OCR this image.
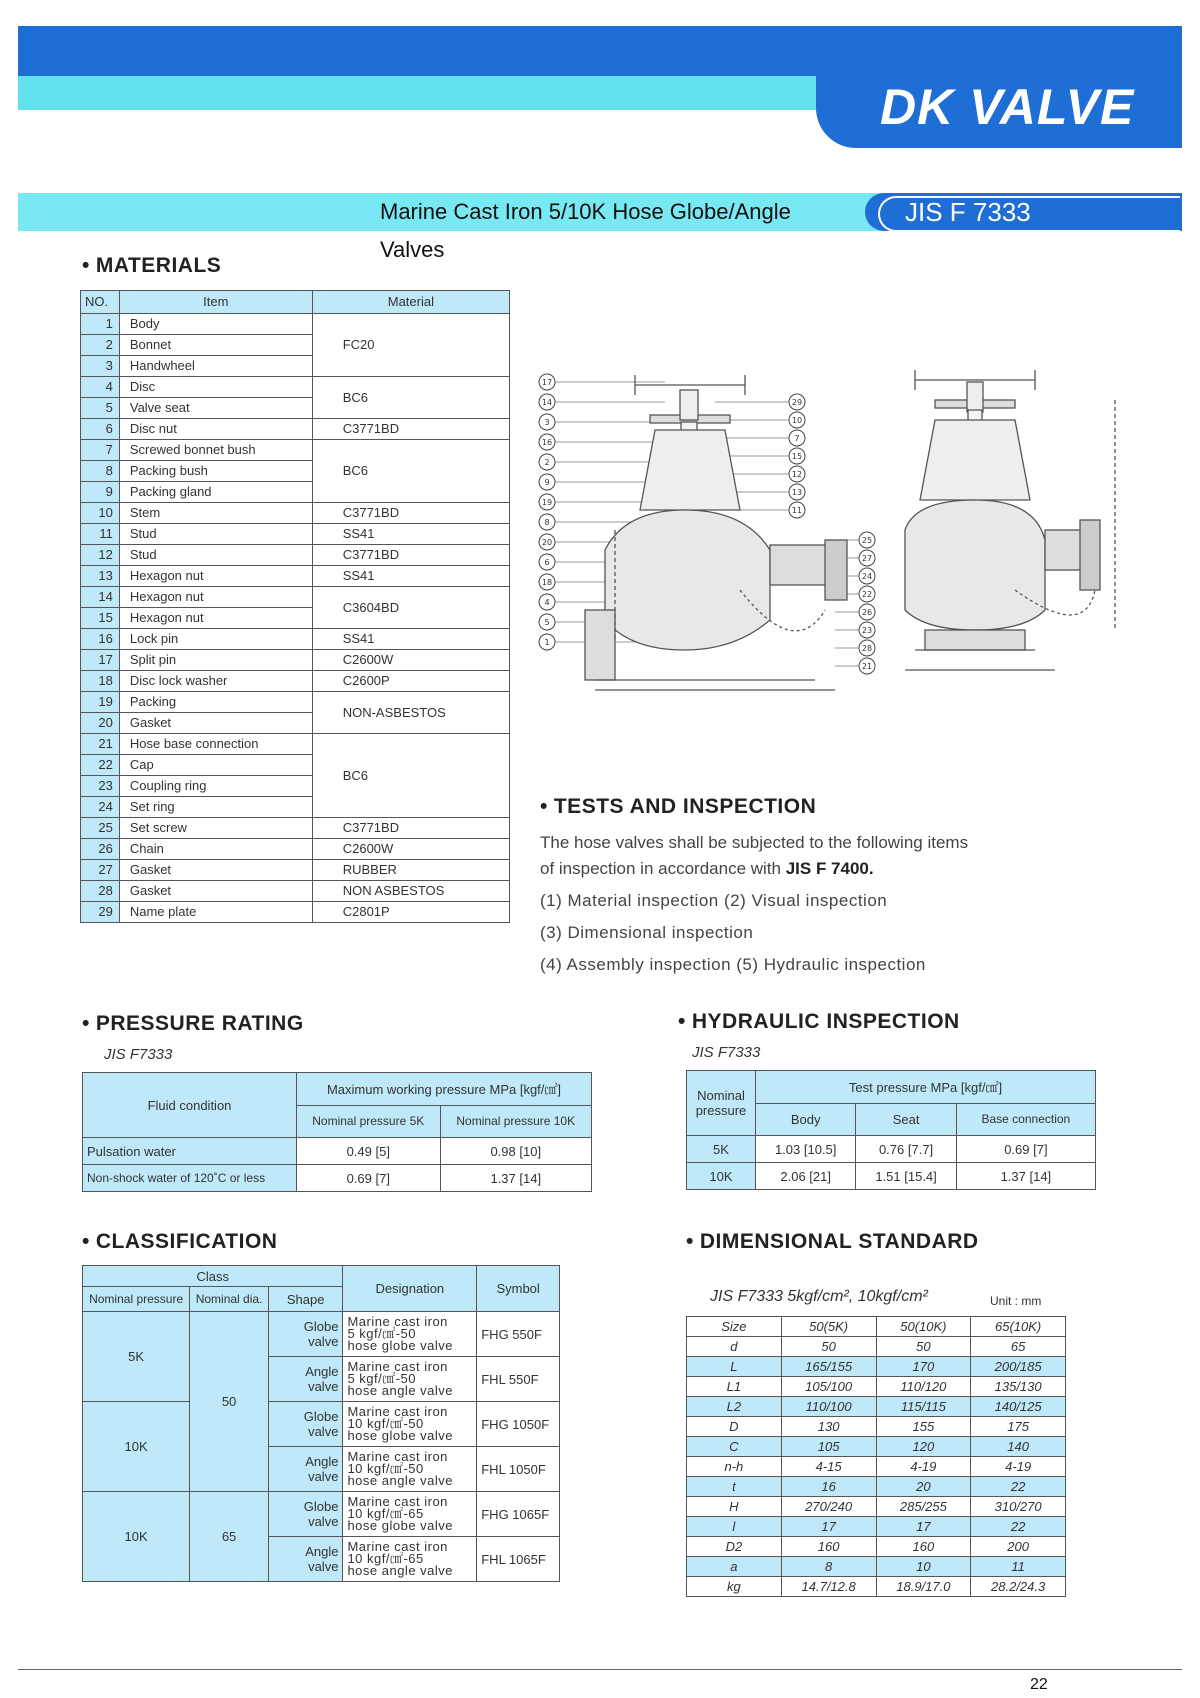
DK VALVE
Marine Cast Iron 5/10K Hose Globe/Angle Valves
JIS F 7333
• MATERIALS
NO.	Item	Material
1	Body	FC20
2	Bonnet	
3	Handwheel	
4	Disc	BC6
5	Valve seat	
6	Disc nut	C3771BD
7	Screwed bonnet bush	BC6
8	Packing bush	
9	Packing gland	
10	Stem	C3771BD
11	Stud	SS41
12	Stud	C3771BD
13	Hexagon nut	SS41
14	Hexagon nut	C3604BD
15	Hexagon nut	
16	Lock pin	SS41
17	Split pin	C2600W
18	Disc lock washer	C2600P
19	Packing	NON-ASBESTOS
20	Gasket	
21	Hose base connection	BC6
22	Cap	
23	Coupling ring	
24	Set ring	
25	Set screw	C3771BD
26	Chain	C2600W
27	Gasket	RUBBER
28	Gasket	NON ASBESTOS
29	Name plate	C2801P
17
14
3
16
2
9
19
8
20
6
18
4
5
1
29
10
7
15
12
13
11
25
27
24
22
26
23
28
21
• TESTS AND INSPECTION
The hose valves shall be subjected to the following items
of inspection in accordance with JIS F 7400.
(1) Material inspection (2) Visual inspection
(3) Dimensional inspection
(4) Assembly inspection (5) Hydraulic inspection
• PRESSURE RATING
JIS F7333
Fluid condition	Maximum working pressure MPa [kgf/㎠]	
	Nominal pressure 5K	Nominal pressure 10K
Pulsation water	0.49 [5]	0.98 [10]
Non-shock water of 120˚C or less	0.69 [7]	1.37 [14]
• HYDRAULIC INSPECTION
JIS F7333
Nominal pressure	Test pressure MPa [kgf/㎠]		
	Body	Seat	Base connection
5K	1.03 [10.5]	0.76 [7.7]	0.69 [7]
10K	2.06 [21]	1.51 [15.4]	1.37 [14]
• CLASSIFICATION
Class			Designation	Symbol
Nominal pressure	Nominal dia.	Shape		
5K	50	Globe valve	Marine cast iron
5 kgf/㎠-50
hose globe valve	FHG 550F
		Angle valve	Marine cast iron
5 kgf/㎠-50
hose angle valve	FHL 550F
10K		Globe valve	Marine cast iron
10 kgf/㎠-50
hose globe valve	FHG 1050F
		Angle valve	Marine cast iron
10 kgf/㎠-50
hose angle valve	FHL 1050F
10K	65	Globe valve	Marine cast iron
10 kgf/㎠-65
hose globe valve	FHG 1065F
		Angle valve	Marine cast iron
10 kgf/㎠-65
hose angle valve	FHL 1065F
• DIMENSIONAL STANDARD
JIS F7333 5kgf/cm², 10kgf/cm²	Unit : mm
Size	50(5K)	50(10K)	65(10K)
d	50	50	65
L	165/155	170	200/185
L1	105/100	110/120	135/130
L2	110/100	115/115	140/125
D	130	155	175
C	105	120	140
n-h	4-15	4-19	4-19
t	16	20	22
H	270/240	285/255	310/270
l	17	17	22
D2	160	160	200
a	8	10	11
kg	14.7/12.8	18.9/17.0	28.2/24.3
22
